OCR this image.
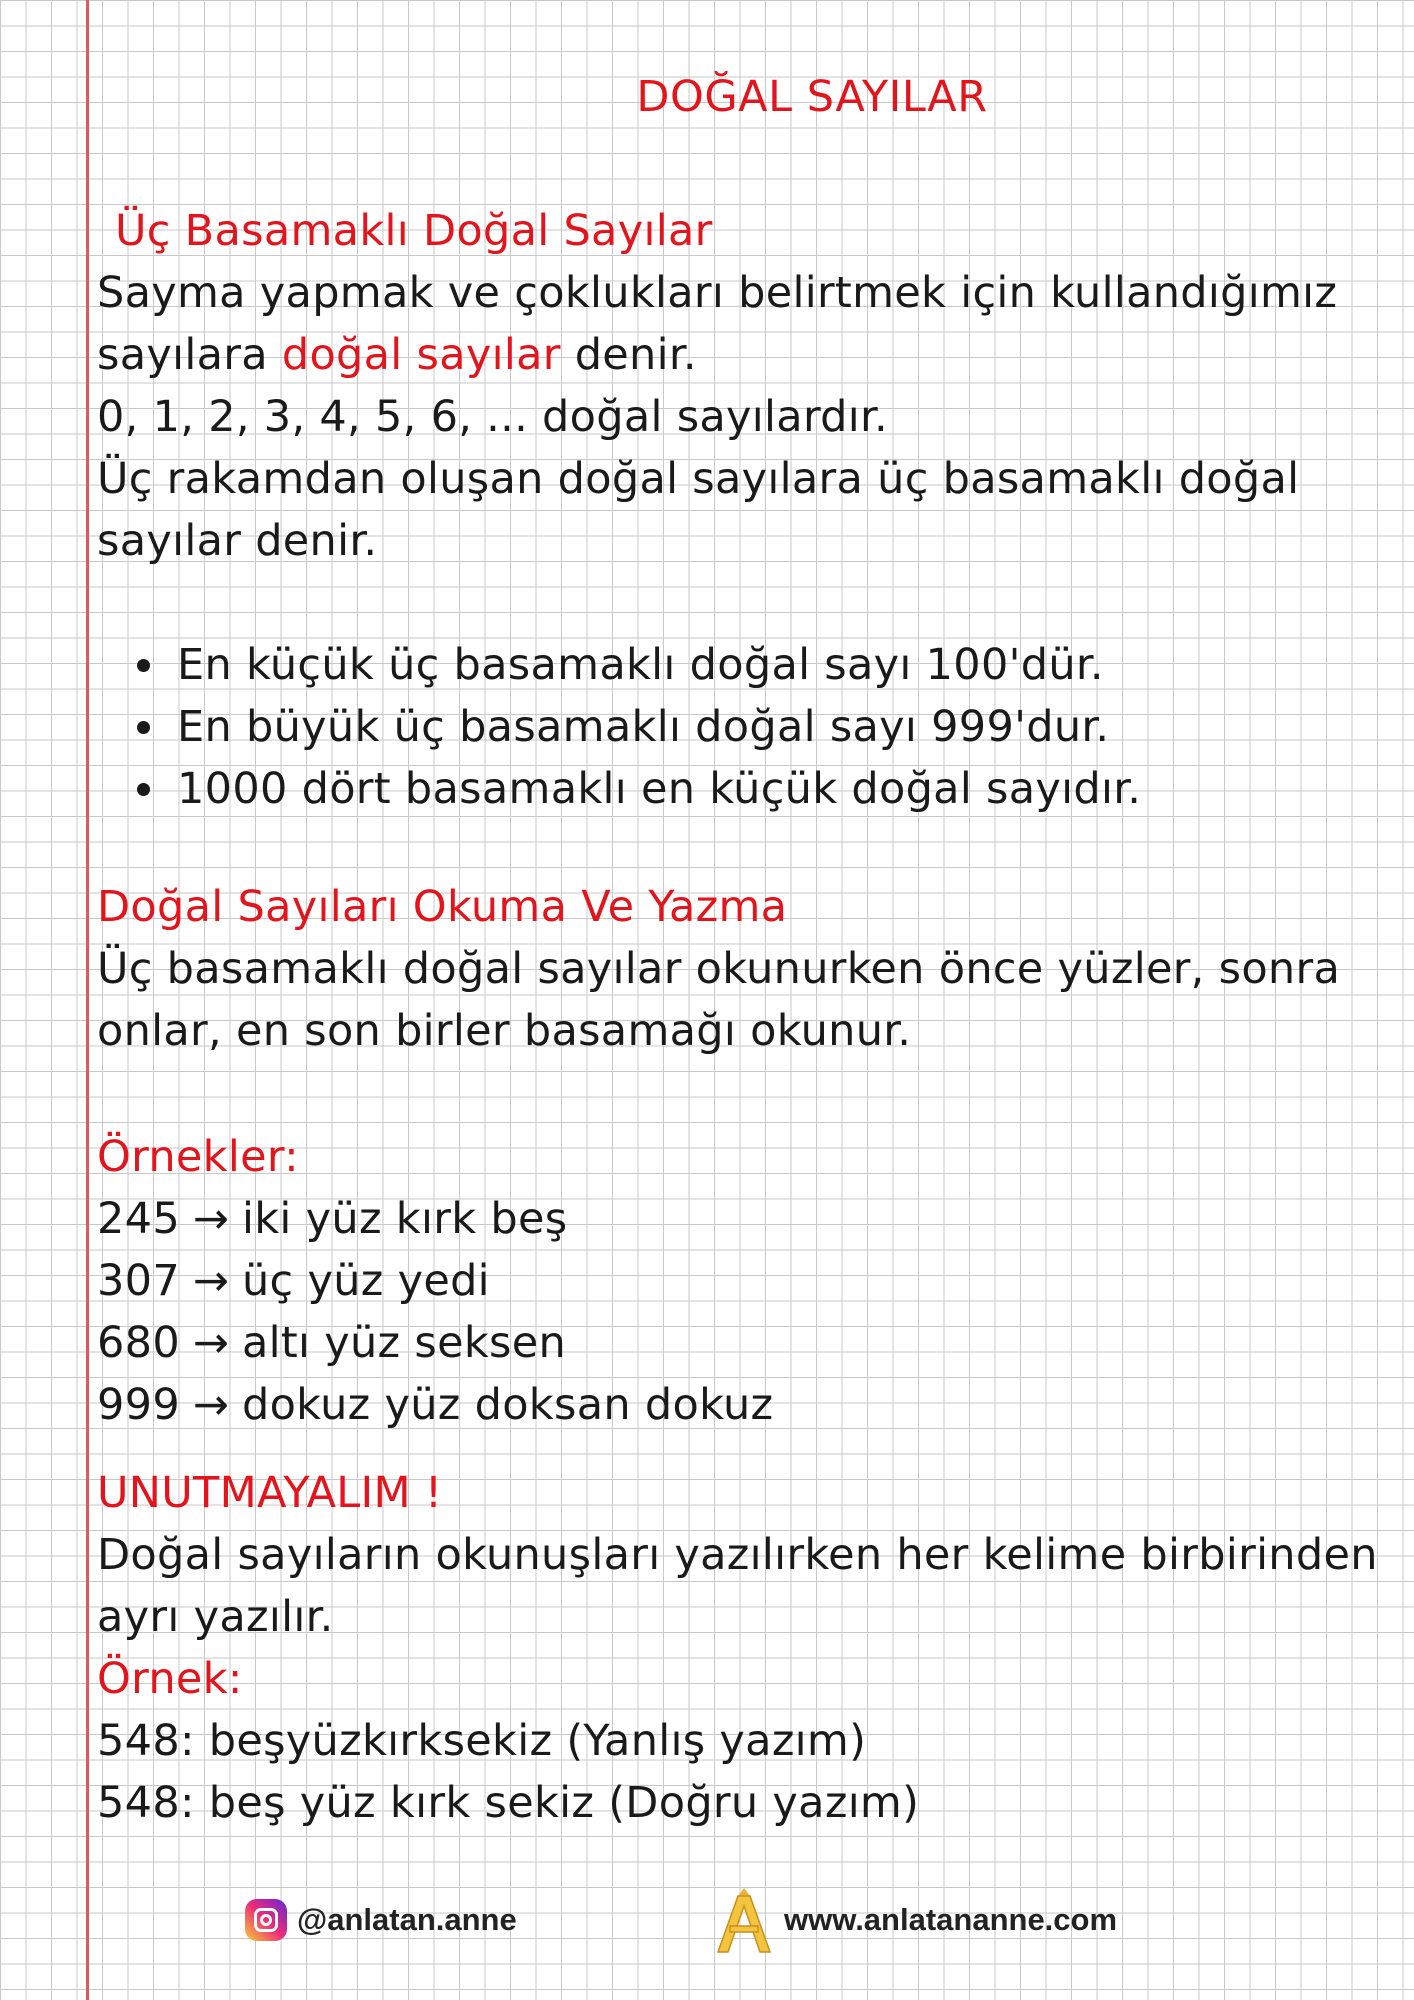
DOĞAL SAYILAR
Üç Basamaklı Doğal Sayılar
Sayma yapmak ve çoklukları belirtmek için kullandığımız
sayılara doğal sayılar denir.
0, 1, 2, 3, 4, 5, 6, ... doğal sayılardır.
Üç rakamdan oluşan doğal sayılara üç basamaklı doğal
sayılar denir.
En küçük üç basamaklı doğal sayı 100'dür.
En büyük üç basamaklı doğal sayı 999'dur.
1000 dört basamaklı en küçük doğal sayıdır.
Doğal Sayıları Okuma Ve Yazma
Üç basamaklı doğal sayılar okunurken önce yüzler, sonra
onlar, en son birler basamağı okunur.
Örnekler:
245 → iki yüz kırk beş
307 → üç yüz yedi
680 → altı yüz seksen
999 → dokuz yüz doksan dokuz
UNUTMAYALIM !
Doğal sayıların okunuşları yazılırken her kelime birbirinden
ayrı yazılır.
Örnek:
548: beşyüzkırksekiz (Yanlış yazım)
548: beş yüz kırk sekiz (Doğru yazım)
@anlatan.anne	www.anlatananne.com
